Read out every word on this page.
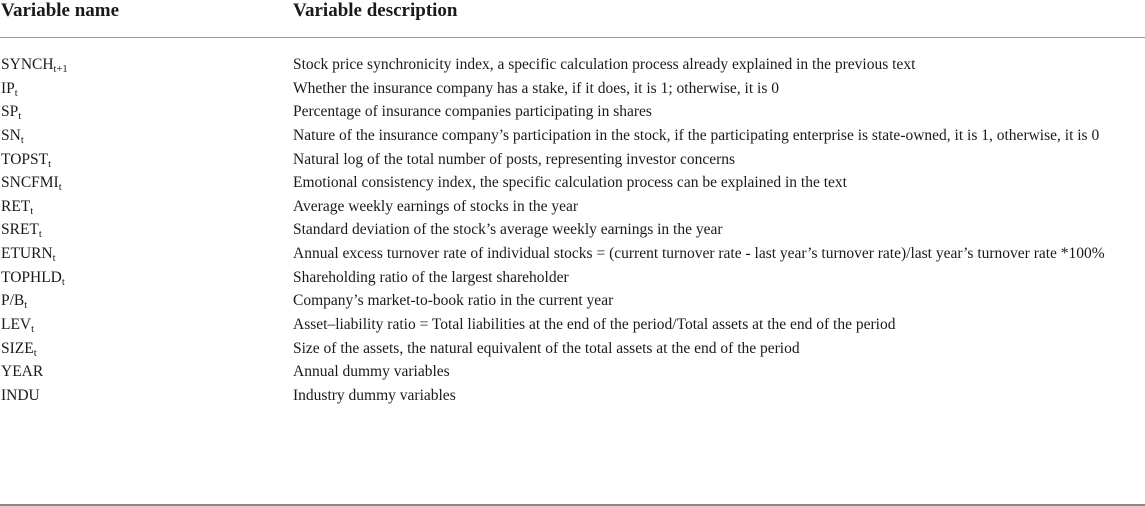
Variable name	Variable description
$SYNCH_{t+1}$	Stock price synchronicity index, a specific calculation process already explained in the previous text
$IP_t$	Whether the insurance company has a stake, if it does, it is 1; otherwise, it is 0
$SP_t$	Percentage of insurance companies participating in shares
$SN_t$	Nature of the insurance company’s participation in the stock, if the participating enterprise is state-owned, it is 1, otherwise, it is 0
$TOPST_t$	Natural log of the total number of posts, representing investor concerns
$SNCFMI_t$	Emotional consistency index, the specific calculation process can be explained in the text
$RET_t$	Average weekly earnings of stocks in the year
$SRET_t$	Standard deviation of the stock’s average weekly earnings in the year
$ETURN_t$	Annual excess turnover rate of individual stocks = (current turnover rate - last year’s turnover rate)/last year’s turnover rate *100%
$TOPHLD_t$	Shareholding ratio of the largest shareholder
$P/B_t$	Company’s market-to-book ratio in the current year
$LEV_t$	Asset–liability ratio = Total liabilities at the end of the period/Total assets at the end of the period
$SIZE_t$	Size of the assets, the natural equivalent of the total assets at the end of the period
YEAR	Annual dummy variables
INDU	Industry dummy variables
